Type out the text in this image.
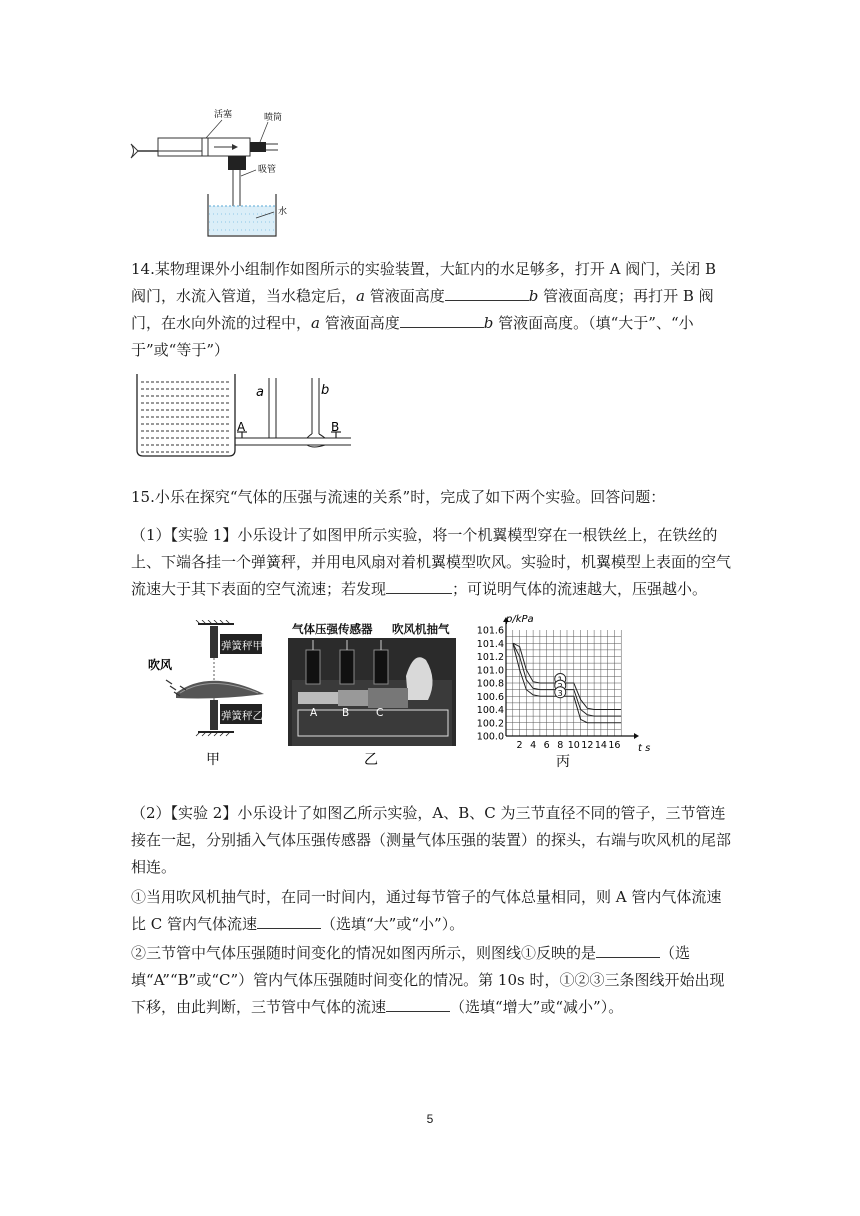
活塞	喷筒
吸管
水

14.某物理课外小组制作如图所示的实验装置，大缸内的水足够多，打开 A 阀门，关闭 B 阀门，水流入管道，当水稳定后，a 管液面高度	b 管液面高度；再打开 B 阀门，在水向外流的过程中，a 管液面高度	b 管液面高度。（填“大于”、“小于”或“等于”）

a	b
A	B

15.小乐在探究“气体的压强与流速的关系”时，完成了如下两个实验。回答问题：

（1）【实验 1】小乐设计了如图甲所示实验，将一个机翼模型穿在一根铁丝上，在铁丝的上、下端各挂一个弹簧秤，并用电风扇对着机翼模型吹风。实验时，机翼模型上表面的空气流速大于其下表面的空气流速；若发现	；可说明气体的流速越大，压强越小。

弹簧秤甲
吹风
弹簧秤乙
甲
气体压强传感器 吹风机抽气
A B	C
乙
100.0
100.2
100.4
100.6
100.8
101.0
101.2
101.4
101.6
2 4 6 8 10 12 14 16
3
p/kPa
t s
丙

（2）【实验 2】小乐设计了如图乙所示实验，A、B、C 为三节直径不同的管子，三节管连接在一起，分别插入气体压强传感器（测量气体压强的装置）的探头，右端与吹风机的尾部相连。

①当用吹风机抽气时，在同一时间内，通过每节管子的气体总量相同，则 A 管内气体流速比 C 管内气体流速	（选填“大”或“小”）。

②三节管中气体压强随时间变化的情况如图丙所示，则图线①反映的是	（选填“A”“B”或“C”）管内气体压强随时间变化的情况。第 10s 时，①②③三条图线开始出现下移，由此判断，三节管中气体的流速	（选填“增大”或“减小”）。

5
